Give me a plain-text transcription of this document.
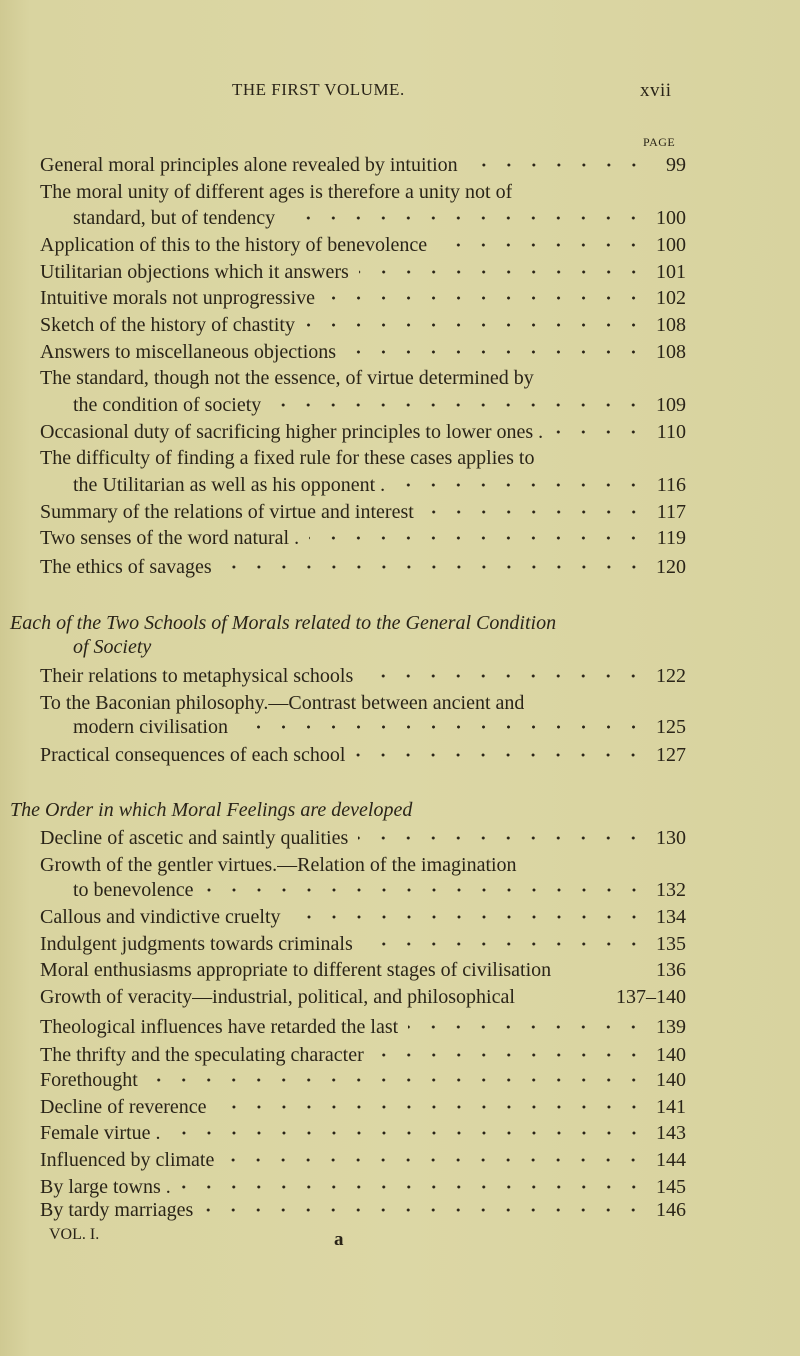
THE FIRST VOLUME.	xvii
PAGE
General moral principles alone revealed by intuition	99
The moral unity of different ages is therefore a unity not of
standard, but of tendency	100
Application of this to the history of benevolence	100
Utilitarian objections which it answers	101
Intuitive morals not unprogressive	102
Sketch of the history of chastity	108
Answers to miscellaneous objections	108
The standard, though not the essence, of virtue determined by
the condition of society	109
Occasional duty of sacrificing higher principles to lower ones .	110
The difficulty of finding a fixed rule for these cases applies to
the Utilitarian as well as his opponent .	116
Summary of the relations of virtue and interest	117
Two senses of the word natural .	119
The ethics of savages	120
Each of the Two Schools of Morals related to the General Condition
of Society
Their relations to metaphysical schools	122
To the Baconian philosophy.—Contrast between ancient and
modern civilisation	125
Practical consequences of each school	127
The Order in which Moral Feelings are developed
Decline of ascetic and saintly qualities	130
Growth of the gentler virtues.—Relation of the imagination
to benevolence	132
Callous and vindictive cruelty	134
Indulgent judgments towards criminals	135
Moral enthusiasms appropriate to different stages of civilisation	136
Growth of veracity—industrial, political, and philosophical	137–140
Theological influences have retarded the last	139
The thrifty and the speculating character	140
Forethought	140
Decline of reverence	141
Female virtue .	143
Influenced by climate	144
By large towns .	145
By tardy marriages	146
VOL. I.	a
